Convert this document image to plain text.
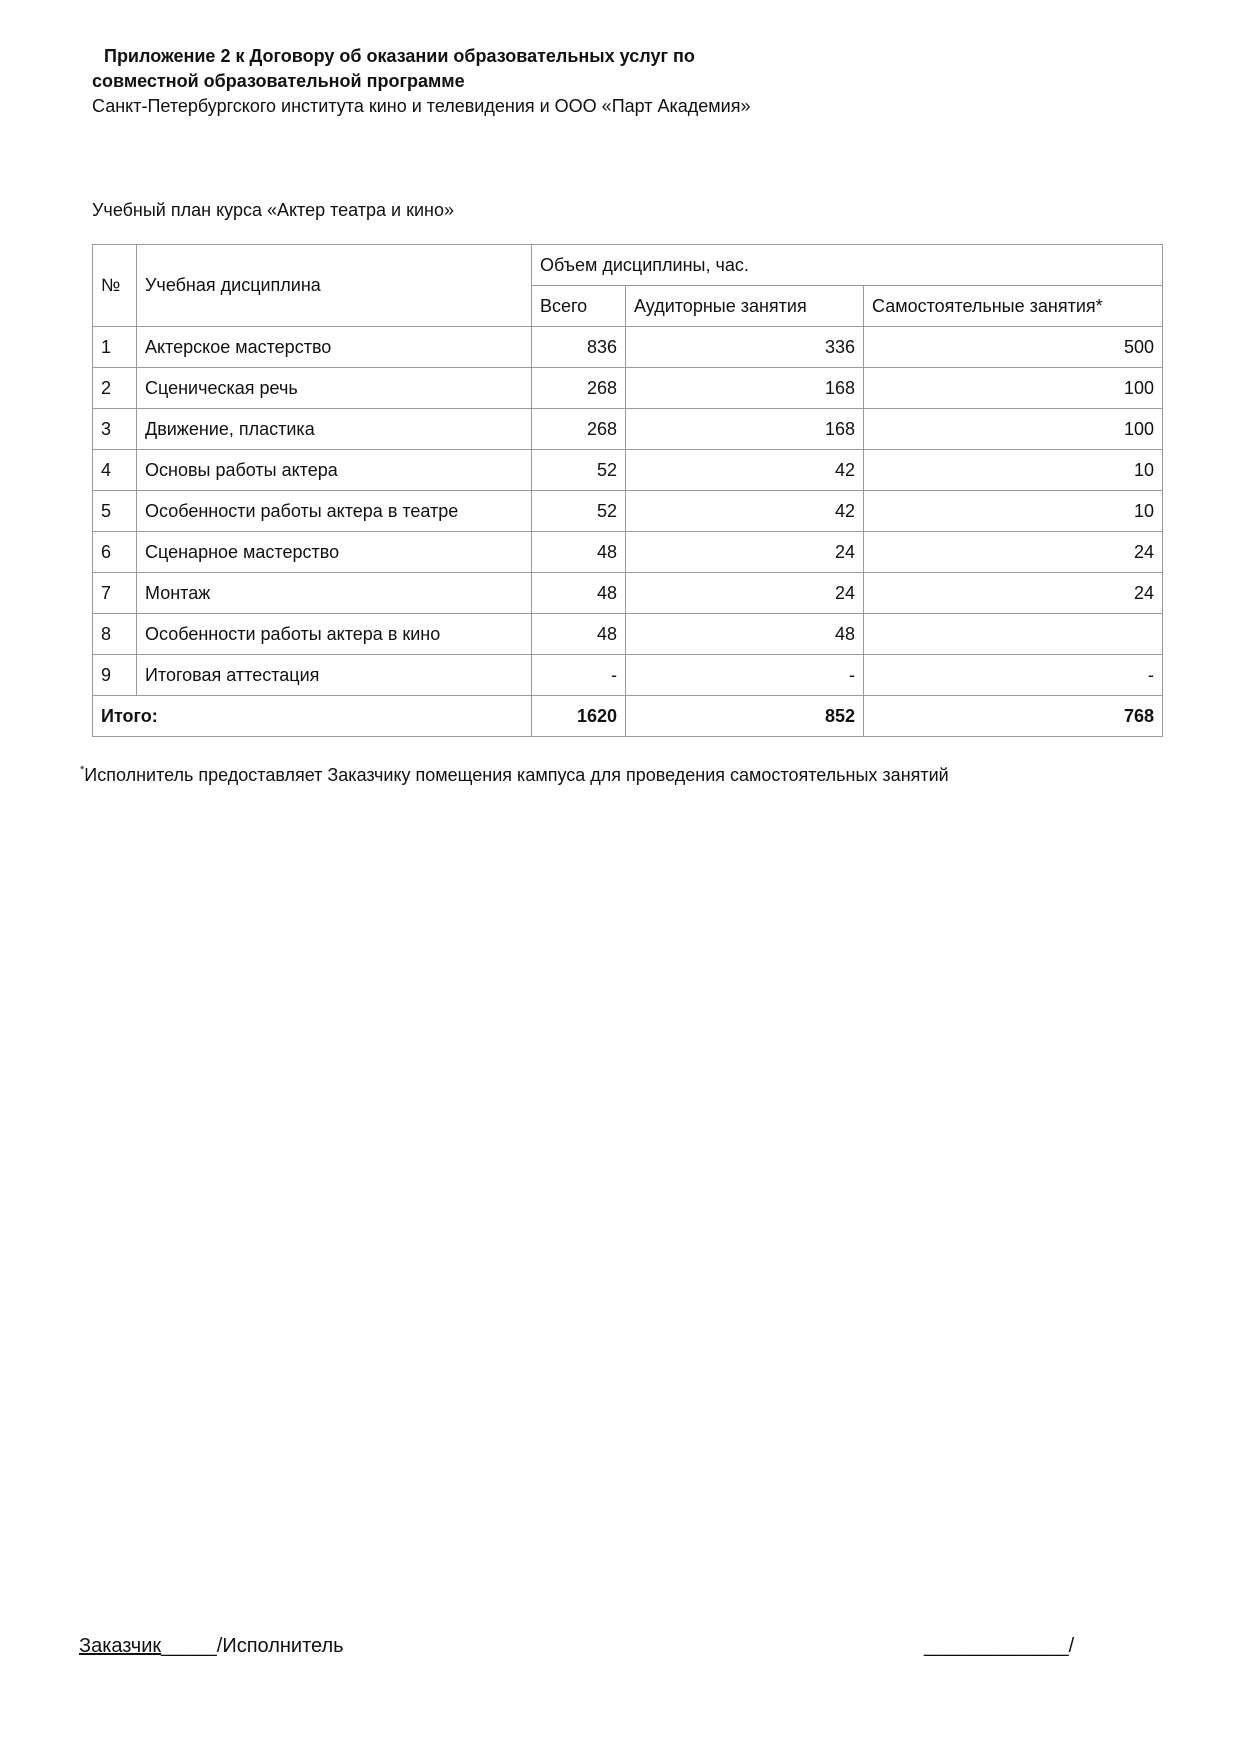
Приложение 2 к Договору об оказании образовательных услуг по
совместной образовательной программе
Санкт-Петербургского института кино и телевидения и ООО «Парт Академия»
Учебный план курса «Актер театра и кино»
№	Учебная дисциплина	Объем дисциплины, час.		
		Всего	Аудиторные занятия	Самостоятельные занятия*
1	Актерское мастерство	836	336	500
2	Сценическая речь	268	168	100
3	Движение, пластика	268	168	100
4	Основы работы актера	52	42	10
5	Особенности работы актера в театре	52	42	10
6	Сценарное мастерство	48	24	24
7	Монтаж	48	24	24
8	Особенности работы актера в кино	48	48	
9	Итоговая аттестация	-	-	-
Итого:		1620	852	768
*Исполнитель предоставляет Заказчику помещения кампуса для проведения самостоятельных занятий
Заказчик_____/Исполнитель	_____________/
